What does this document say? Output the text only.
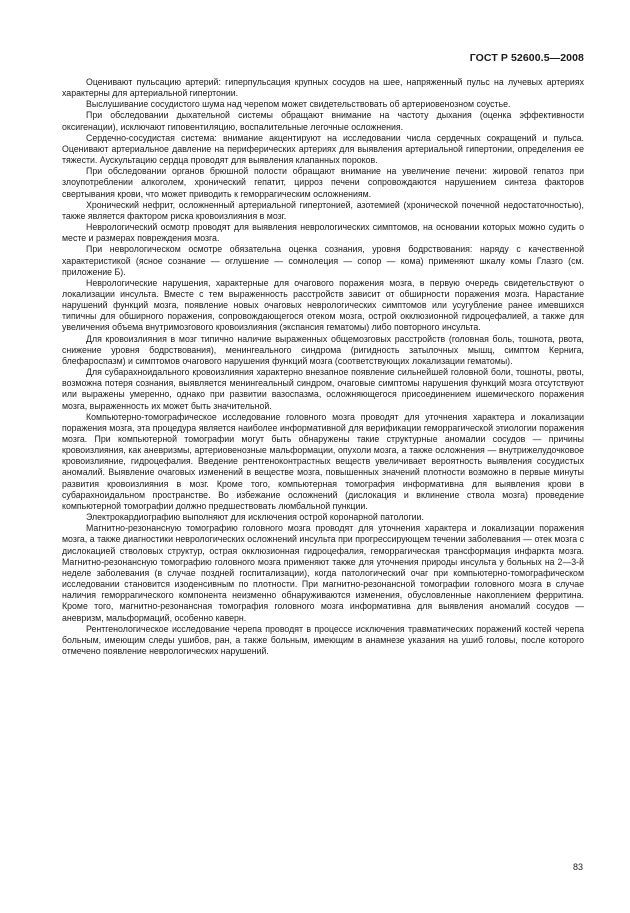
ГОСТ Р 52600.5—2008

Оценивают пульсацию артерий: гиперпульсация крупных сосудов на шее, напряженный пульс на лучевых артериях характерны для артериальной гипертонии.

Выслушивание сосудистого шума над черепом может свидетельствовать об артериовенозном соустье.

При обследовании дыхательной системы обращают внимание на частоту дыхания (оценка эффективности оксигенации), исключают гиповентиляцию, воспалительные легочные осложнения.

Сердечно-сосудистая система: внимание акцентируют на исследовании числа сердечных сокращений и пульса. Оценивают артериальное давление на периферических артериях для выявления артериальной гипертонии, определения ее тяжести. Аускультацию сердца проводят для выявления клапанных пороков.

При обследовании органов брюшной полости обращают внимание на увеличение печени: жировой гепатоз при злоупотреблении алкоголем, хронический гепатит, цирроз печени сопровождаются нарушением синтеза факторов свертывания крови, что может приводить к геморрагическим осложнениям.

Хронический нефрит, осложненный артериальной гипертонией, азотемией (хронической почечной недостаточностью), также является фактором риска кровоизлияния в мозг.

Неврологический осмотр проводят для выявления неврологических симптомов, на основании которых можно судить о месте и размерах повреждения мозга.

При неврологическом осмотре обязательна оценка сознания, уровня бодрствования: наряду с качественной характеристикой (ясное сознание — оглушение — сомнолеция — сопор — кома) применяют шкалу комы Глазго (см. приложение Б).

Неврологические нарушения, характерные для очагового поражения мозга, в первую очередь свидетельствуют о локализации инсульта. Вместе с тем выраженность расстройств зависит от обширности поражения мозга. Нарастание нарушений функций мозга, появление новых очаговых неврологических симптомов или усугубление ранее имевшихся типичны для обширного поражения, сопровождающегося отеком мозга, острой окклюзионной гидроцефалией, а также для увеличения объема внутримозгового кровоизлияния (экспансия гематомы) либо повторного инсульта.

Для кровоизлияния в мозг типично наличие выраженных общемозговых расстройств (головная боль, тошнота, рвота, снижение уровня бодрствования), менингеального синдрома (ригидность затылочных мышц, симптом Кернига, блефароспазм) и симптомов очагового нарушения функций мозга (соответствующих локализации гематомы).

Для субарахноидального кровоизлияния характерно внезапное появление сильнейшей головной боли, тошноты, рвоты, возможна потеря сознания, выявляется менингеальный синдром, очаговые симптомы нарушения функций мозга отсутствуют или выражены умеренно, однако при развитии вазоспазма, осложняющегося присоединением ишемического поражения мозга, выраженность их может быть значительной.

Компьютерно-томографическое исследование головного мозга проводят для уточнения характера и локализации поражения мозга, эта процедура является наиболее информативной для верификации геморрагической этиологии поражения мозга. При компьютерной томографии могут быть обнаружены такие структурные аномалии сосудов — причины кровоизлияния, как аневризмы, артериовенозные мальформации, опухоли мозга, а также осложнения — внутрижелудочковое кровоизлияние, гидроцефалия. Введение рентгеноконтрастных веществ увеличивает вероятность выявления сосудистых аномалий. Выявление очаговых изменений в веществе мозга, повышенных значений плотности возможно в первые минуты развития кровоизлияния в мозг. Кроме того, компьютерная томография информативна для выявления крови в субарахноидальном пространстве. Во избежание осложнений (дислокация и вклинение ствола мозга) проведение компьютерной томографии должно предшествовать люмбальной пункции.

Электрокардиографию выполняют для исключения острой коронарной патологии.

Магнитно-резонансную томографию головного мозга проводят для уточнения характера и локализации поражения мозга, а также диагностики неврологических осложнений инсульта при прогрессирующем течении заболевания — отек мозга с дислокацией стволовых структур, острая окклюзионная гидроцефалия, геморрагическая трансформация инфаркта мозга. Магнитно-резонансную томографию головного мозга применяют также для уточнения природы инсульта у больных на 2—3-й неделе заболевания (в случае поздней госпитализации), когда патологический очаг при компьютерно-томографическом исследовании становится изоденсивным по плотности. При магнитно-резонансной томографии головного мозга в случае наличия геморрагического компонента неизменно обнаруживаются изменения, обусловленные накоплением ферритина. Кроме того, магнитно-резонансная томография головного мозга информативна для выявления аномалий сосудов — аневризм, мальформаций, особенно каверн.

Рентгенологическое исследование черепа проводят в процессе исключения травматических поражений костей черепа больным, имеющим следы ушибов, ран, а также больным, имеющим в анамнезе указания на ушиб головы, после которого отмечено появление неврологических нарушений.

83
